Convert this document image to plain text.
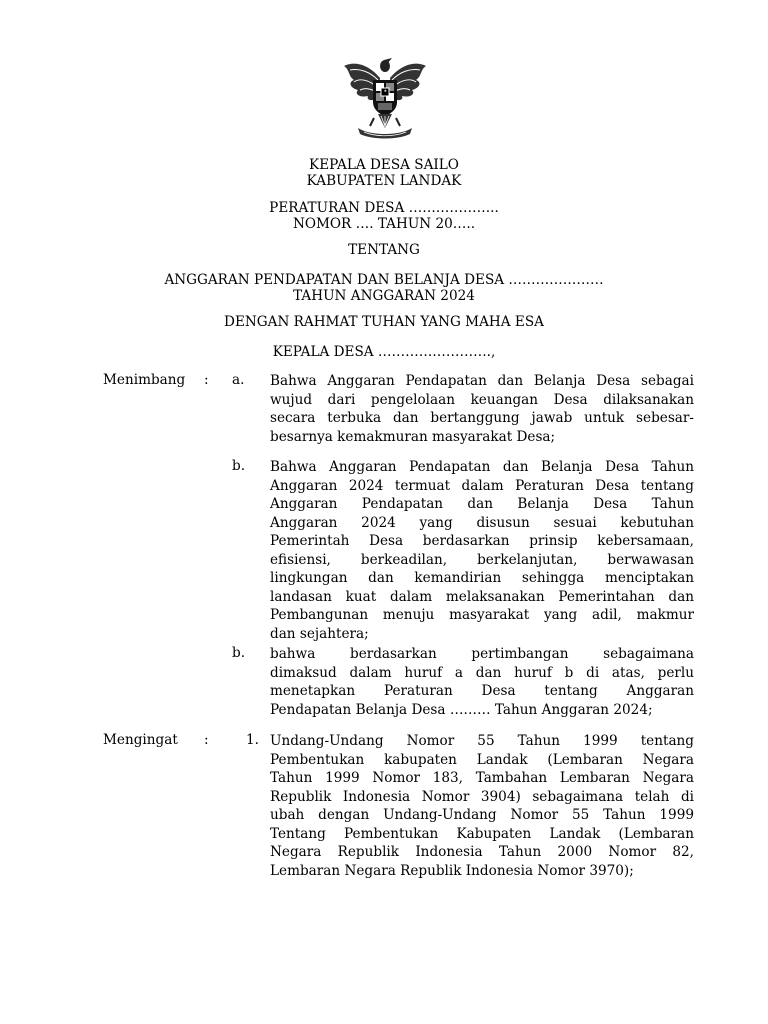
KEPALA DESA SAILO
KABUPATEN LANDAK
PERATURAN DESA ………………..
NOMOR …. TAHUN 20…..
TENTANG
ANGGARAN PENDAPATAN DAN BELANJA DESA …………………
TAHUN ANGGARAN 2024
DENGAN RAHMAT TUHAN YANG MAHA ESA
KEPALA DESA …………………….,
Menimbang : a. Bahwa Anggaran Pendapatan dan Belanja Desa sebagai
wujud dari pengelolaan keuangan Desa dilaksanakan
secara terbuka dan bertanggung jawab untuk sebesar-
besarnya kemakmuran masyarakat Desa;
b. Bahwa Anggaran Pendapatan dan Belanja Desa Tahun
Anggaran 2024 termuat dalam Peraturan Desa tentang
Anggaran Pendapatan dan Belanja Desa Tahun
Anggaran 2024 yang disusun sesuai kebutuhan
Pemerintah Desa berdasarkan prinsip kebersamaan,
efisiensi, berkeadilan, berkelanjutan, berwawasan
lingkungan dan kemandirian sehingga menciptakan
landasan kuat dalam melaksanakan Pemerintahan dan
Pembangunan menuju masyarakat yang adil, makmur
dan sejahtera;
b. bahwa berdasarkan pertimbangan sebagaimana
dimaksud dalam huruf a dan huruf b di atas, perlu
menetapkan Peraturan Desa tentang Anggaran
Pendapatan Belanja Desa ……… Tahun Anggaran 2024;
Mengingat :	1. Undang-Undang Nomor 55 Tahun 1999 tentang
Pembentukan kabupaten Landak (Lembaran Negara
Tahun 1999 Nomor 183, Tambahan Lembaran Negara
Republik Indonesia Nomor 3904) sebagaimana telah di
ubah dengan Undang-Undang Nomor 55 Tahun 1999
Tentang Pembentukan Kabupaten Landak (Lembaran
Negara Republik Indonesia Tahun 2000 Nomor 82,
Lembaran Negara Republik Indonesia Nomor 3970);
